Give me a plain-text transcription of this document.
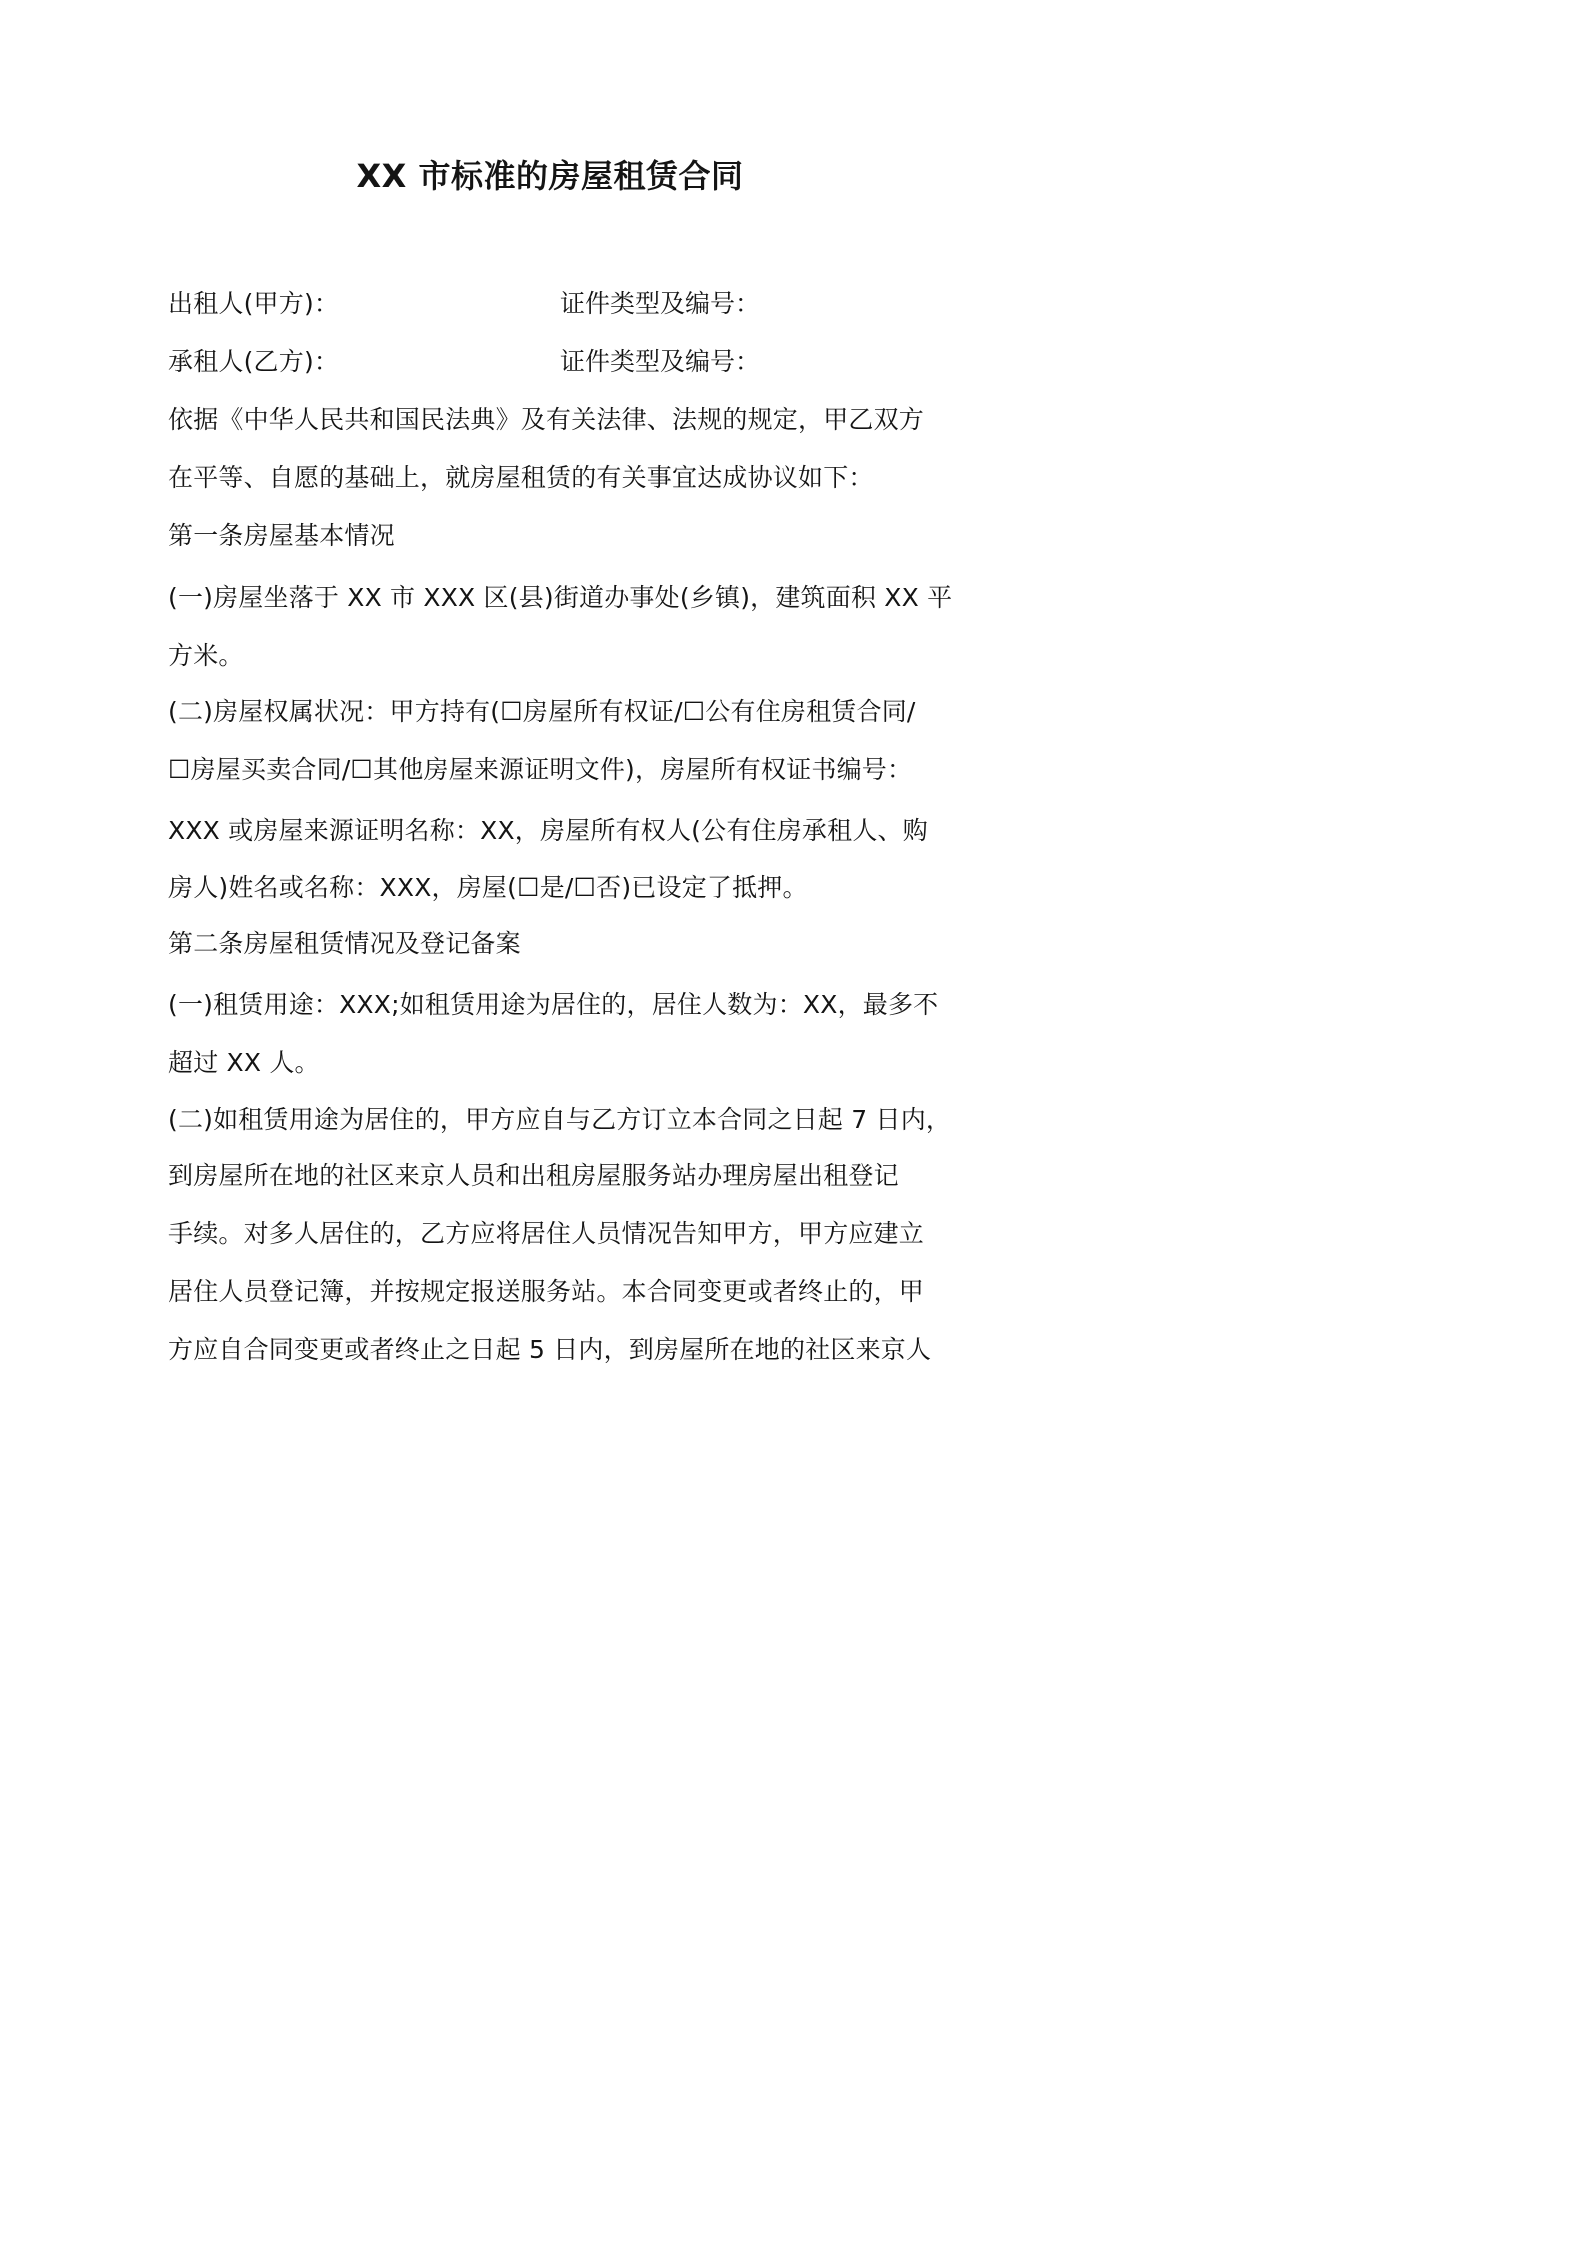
XX 市标准的房屋租赁合同

出租人(甲方)：	证件类型及编号：

承租人(乙方)：	证件类型及编号：

依据《中华人民共和国民法典》及有关法律、法规的规定，甲乙双方

在平等、自愿的基础上，就房屋租赁的有关事宜达成协议如下：

第一条房屋基本情况

(一)房屋坐落于 XX 市 XXX 区(县)街道办事处(乡镇)，建筑面积 XX 平

方米。

(二)房屋权属状况：甲方持有(☐房屋所有权证/☐公有住房租赁合同/

☐房屋买卖合同/☐其他房屋来源证明文件)，房屋所有权证书编号：

XXX 或房屋来源证明名称：XX，房屋所有权人(公有住房承租人、购

房人)姓名或名称：XXX，房屋(☐是/☐否)已设定了抵押。

第二条房屋租赁情况及登记备案

(一)租赁用途：XXX;如租赁用途为居住的，居住人数为：XX，最多不

超过 XX 人。

(二)如租赁用途为居住的，甲方应自与乙方订立本合同之日起 7 日内，

到房屋所在地的社区来京人员和出租房屋服务站办理房屋出租登记

手续。对多人居住的，乙方应将居住人员情况告知甲方，甲方应建立

居住人员登记簿，并按规定报送服务站。本合同变更或者终止的，甲

方应自合同变更或者终止之日起 5 日内，到房屋所在地的社区来京人
